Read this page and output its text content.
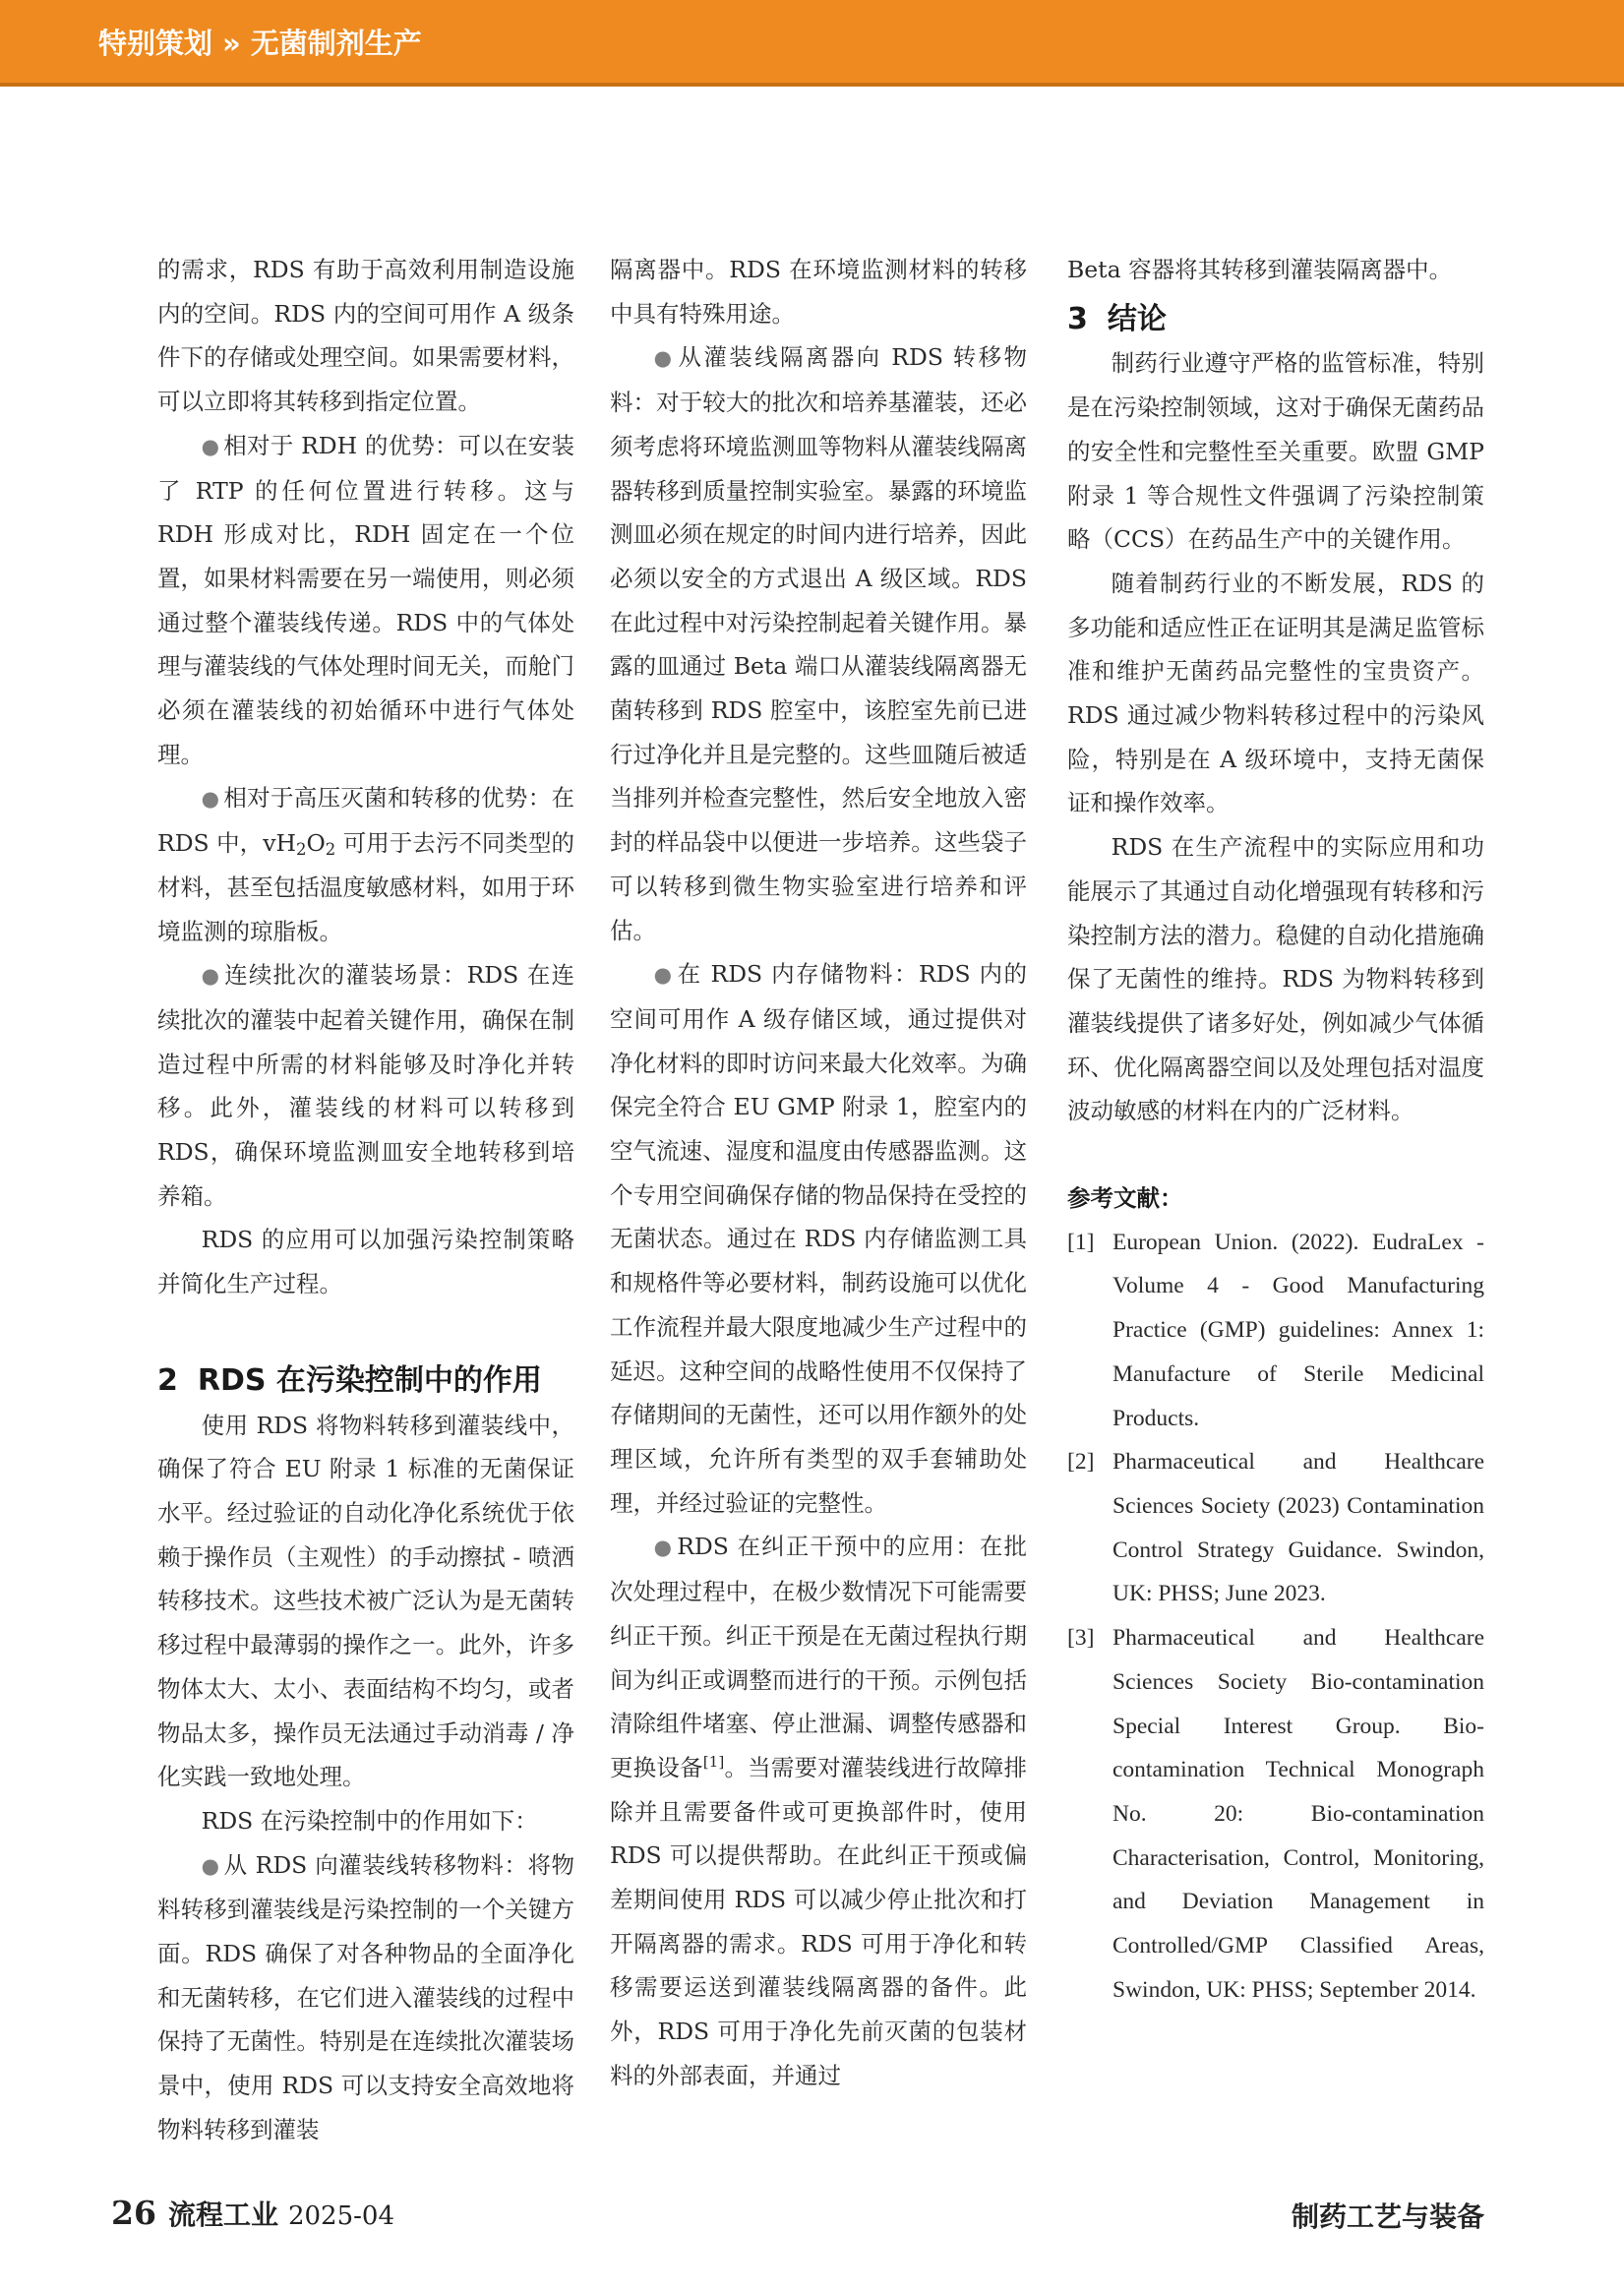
特别策划 » 无菌制剂生产

的需求，RDS 有助于高效利用制造设施内的空间。RDS 内的空间可用作 A 级条件下的存储或处理空间。如果需要材料，可以立即将其转移到指定位置。

● 相对于 RDH 的优势：可以在安装了 RTP 的任何位置进行转移。这与 RDH 形成对比，RDH 固定在一个位置，如果材料需要在另一端使用，则必须通过整个灌装线传递。RDS 中的气体处理与灌装线的气体处理时间无关，而舱门必须在灌装线的初始循环中进行气体处理。

● 相对于高压灭菌和转移的优势：在 RDS 中，$vH_2O_2$ 可用于去污不同类型的材料，甚至包括温度敏感材料，如用于环境监测的琼脂板。

● 连续批次的灌装场景：RDS 在连续批次的灌装中起着关键作用，确保在制造过程中所需的材料能够及时净化并转移。此外，灌装线的材料可以转移到 RDS，确保环境监测皿安全地转移到培养箱。

RDS 的应用可以加强污染控制策略并简化生产过程。

2 RDS 在污染控制中的作用

使用 RDS 将物料转移到灌装线中，确保了符合 EU 附录 1 标准的无菌保证水平。经过验证的自动化净化系统优于依赖于操作员（主观性）的手动擦拭 - 喷洒转移技术。这些技术被广泛认为是无菌转移过程中最薄弱的操作之一。此外，许多物体太大、太小、表面结构不均匀，或者物品太多，操作员无法通过手动消毒 / 净化实践一致地处理。

RDS 在污染控制中的作用如下：

● 从 RDS 向灌装线转移物料：将物料转移到灌装线是污染控制的一个关键方面。RDS 确保了对各种物品的全面净化和无菌转移，在它们进入灌装线的过程中保持了无菌性。特别是在连续批次灌装场景中，使用 RDS 可以支持安全高效地将物料转移到灌装

隔离器中。RDS 在环境监测材料的转移中具有特殊用途。

● 从灌装线隔离器向 RDS 转移物料：对于较大的批次和培养基灌装，还必须考虑将环境监测皿等物料从灌装线隔离器转移到质量控制实验室。暴露的环境监测皿必须在规定的时间内进行培养，因此必须以安全的方式退出 A 级区域。RDS 在此过程中对污染控制起着关键作用。暴露的皿通过 Beta 端口从灌装线隔离器无菌转移到 RDS 腔室中，该腔室先前已进行过净化并且是完整的。这些皿随后被适当排列并检查完整性，然后安全地放入密封的样品袋中以便进一步培养。这些袋子可以转移到微生物实验室进行培养和评估。

● 在 RDS 内存储物料：RDS 内的空间可用作 A 级存储区域，通过提供对净化材料的即时访问来最大化效率。为确保完全符合 EU GMP 附录 1，腔室内的空气流速、湿度和温度由传感器监测。这个专用空间确保存储的物品保持在受控的无菌状态。通过在 RDS 内存储监测工具和规格件等必要材料，制药设施可以优化工作流程并最大限度地减少生产过程中的延迟。这种空间的战略性使用不仅保持了存储期间的无菌性，还可以用作额外的处理区域，允许所有类型的双手套辅助处理，并经过验证的完整性。

● RDS 在纠正干预中的应用：在批次处理过程中，在极少数情况下可能需要纠正干预。纠正干预是在无菌过程执行期间为纠正或调整而进行的干预。示例包括清除组件堵塞、停止泄漏、调整传感器和更换设备[1]。当需要对灌装线进行故障排除并且需要备件或可更换部件时，使用 RDS 可以提供帮助。在此纠正干预或偏差期间使用 RDS 可以减少停止批次和打开隔离器的需求。RDS 可用于净化和转移需要运送到灌装线隔离器的备件。此外，RDS 可用于净化先前灭菌的包装材料的外部表面，并通过

Beta 容器将其转移到灌装隔离器中。

3 结论

制药行业遵守严格的监管标准，特别是在污染控制领域，这对于确保无菌药品的安全性和完整性至关重要。欧盟 GMP 附录 1 等合规性文件强调了污染控制策略（CCS）在药品生产中的关键作用。

随着制药行业的不断发展，RDS 的多功能和适应性正在证明其是满足监管标准和维护无菌药品完整性的宝贵资产。RDS 通过减少物料转移过程中的污染风险，特别是在 A 级环境中，支持无菌保证和操作效率。

RDS 在生产流程中的实际应用和功能展示了其通过自动化增强现有转移和污染控制方法的潜力。稳健的自动化措施确保了无菌性的维持。RDS 为物料转移到灌装线提供了诸多好处，例如减少气体循环、优化隔离器空间以及处理包括对温度波动敏感的材料在内的广泛材料。

参考文献：
[1] European Union. (2022). EudraLex - Volume 4 - Good Manufacturing Practice (GMP) guidelines: Annex 1: Manufacture of Sterile Medicinal Products.
[2] Pharmaceutical and Healthcare Sciences Society (2023) Contamination Control Strategy Guidance. Swindon, UK: PHSS; June 2023.
[3] Pharmaceutical and Healthcare Sciences Society Bio-contamination Special Interest Group. Bio-contamination Technical Monograph No. 20: Bio-contamination Characterisation, Control, Monitoring, and Deviation Management in Controlled/GMP Classified Areas, Swindon, UK: PHSS; September 2014.
26 流程工业 2025-04	制药工艺与装备
